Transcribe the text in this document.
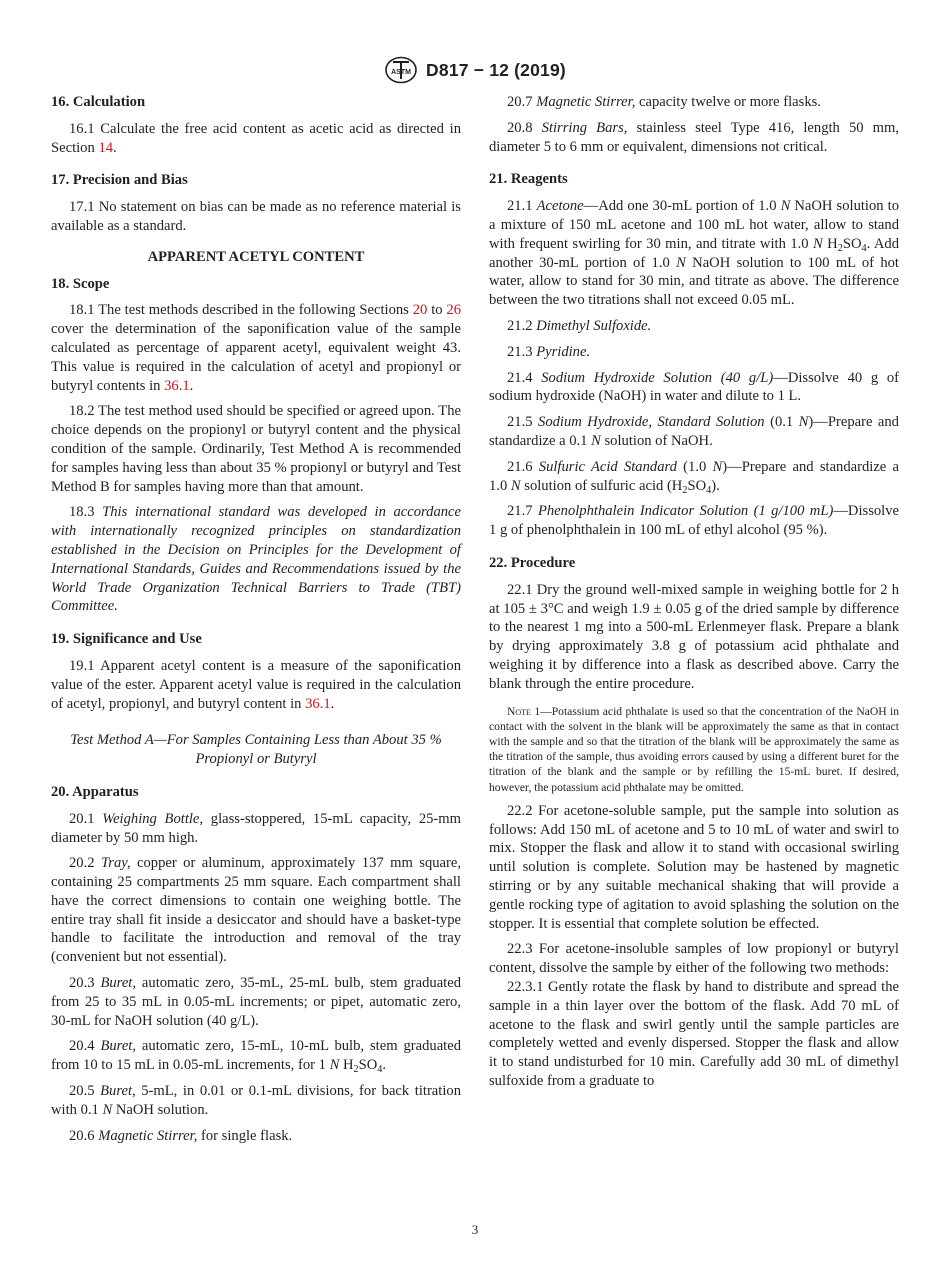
ASTM D817 − 12 (2019)

16. Calculation

16.1 Calculate the free acid content as acetic acid as directed in Section 14.

17. Precision and Bias

17.1 No statement on bias can be made as no reference material is available as a standard.

APPARENT ACETYL CONTENT

18. Scope

18.1 The test methods described in the following Sections 20 to 26 cover the determination of the saponification value of the sample calculated as percentage of apparent acetyl, equivalent weight 43. This value is required in the calculation of acetyl and propionyl or butyryl contents in 36.1.

18.2 The test method used should be specified or agreed upon. The choice depends on the propionyl or butyryl content and the physical condition of the sample. Ordinarily, Test Method A is recommended for samples having less than about 35 % propionyl or butyryl and Test Method B for samples having more than that amount.

18.3 This international standard was developed in accordance with internationally recognized principles on standardization established in the Decision on Principles for the Development of International Standards, Guides and Recommendations issued by the World Trade Organization Technical Barriers to Trade (TBT) Committee.

19. Significance and Use

19.1 Apparent acetyl content is a measure of the saponification value of the ester. Apparent acetyl value is required in the calculation of acetyl, propionyl, and butyryl content in 36.1.

Test Method A—For Samples Containing Less than About 35 % Propionyl or Butyryl

20. Apparatus

20.1 Weighing Bottle, glass-stoppered, 15-mL capacity, 25-mm diameter by 50 mm high.

20.2 Tray, copper or aluminum, approximately 137 mm square, containing 25 compartments 25 mm square. Each compartment shall have the correct dimensions to contain one weighing bottle. The entire tray shall fit inside a desiccator and should have a basket-type handle to facilitate the introduction and removal of the tray (convenient but not essential).

20.3 Buret, automatic zero, 35-mL, 25-mL bulb, stem graduated from 25 to 35 mL in 0.05-mL increments; or pipet, automatic zero, 30-mL for NaOH solution (40 g/L).

20.4 Buret, automatic zero, 15-mL, 10-mL bulb, stem graduated from 10 to 15 mL in 0.05-mL increments, for 1 N $H_2SO_4$.

20.5 Buret, 5-mL, in 0.01 or 0.1-mL divisions, for back titration with 0.1 N NaOH solution.

20.6 Magnetic Stirrer, for single flask.

20.7 Magnetic Stirrer, capacity twelve or more flasks.

20.8 Stirring Bars, stainless steel Type 416, length 50 mm, diameter 5 to 6 mm or equivalent, dimensions not critical.

21. Reagents

21.1 Acetone—Add one 30-mL portion of 1.0 N NaOH solution to a mixture of 150 mL acetone and 100 mL hot water, allow to stand with frequent swirling for 30 min, and titrate with 1.0 N $H_2SO_4$. Add another 30-mL portion of 1.0 N NaOH solution to 100 mL of hot water, allow to stand for 30 min, and titrate as above. The difference between the two titrations shall not exceed 0.05 mL.

21.2 Dimethyl Sulfoxide.

21.3 Pyridine.

21.4 Sodium Hydroxide Solution (40 g/L)—Dissolve 40 g of sodium hydroxide (NaOH) in water and dilute to 1 L.

21.5 Sodium Hydroxide, Standard Solution (0.1 N)—Prepare and standardize a 0.1 N solution of NaOH.

21.6 Sulfuric Acid Standard (1.0 N)—Prepare and standardize a 1.0 N solution of sulfuric acid $(H_2SO_4)$.

21.7 Phenolphthalein Indicator Solution (1 g/100 mL)—Dissolve 1 g of phenolphthalein in 100 mL of ethyl alcohol (95 %).

22. Procedure

22.1 Dry the ground well-mixed sample in weighing bottle for 2 h at 105 ± 3°C and weigh 1.9 ± 0.05 g of the dried sample by difference to the nearest 1 mg into a 500-mL Erlenmeyer flask. Prepare a blank by drying approximately 3.8 g of potassium acid phthalate and weighing it by difference into a flask as described above. Carry the blank through the entire procedure.

Note 1—Potassium acid phthalate is used so that the concentration of the NaOH in contact with the solvent in the blank will be approximately the same as that in contact with the sample and so that the titration of the blank will be approximately the same as the titration of the sample, thus avoiding errors caused by using a different buret for the titration of the blank and the sample or by refilling the 15-mL buret. If desired, however, the potassium acid phthalate may be omitted.

22.2 For acetone-soluble sample, put the sample into solution as follows: Add 150 mL of acetone and 5 to 10 mL of water and swirl to mix. Stopper the flask and allow it to stand with occasional swirling until solution is complete. Solution may be hastened by magnetic stirring or by any suitable mechanical shaking that will provide a gentle rocking type of agitation to avoid splashing the solution on the stopper. It is essential that complete solution be effected.

22.3 For acetone-insoluble samples of low propionyl or butyryl content, dissolve the sample by either of the following two methods:

22.3.1 Gently rotate the flask by hand to distribute and spread the sample in a thin layer over the bottom of the flask. Add 70 mL of acetone to the flask and swirl gently until the sample particles are completely wetted and evenly dispersed. Stopper the flask and allow it to stand undisturbed for 10 min. Carefully add 30 mL of dimethyl sulfoxide from a graduate to

3
